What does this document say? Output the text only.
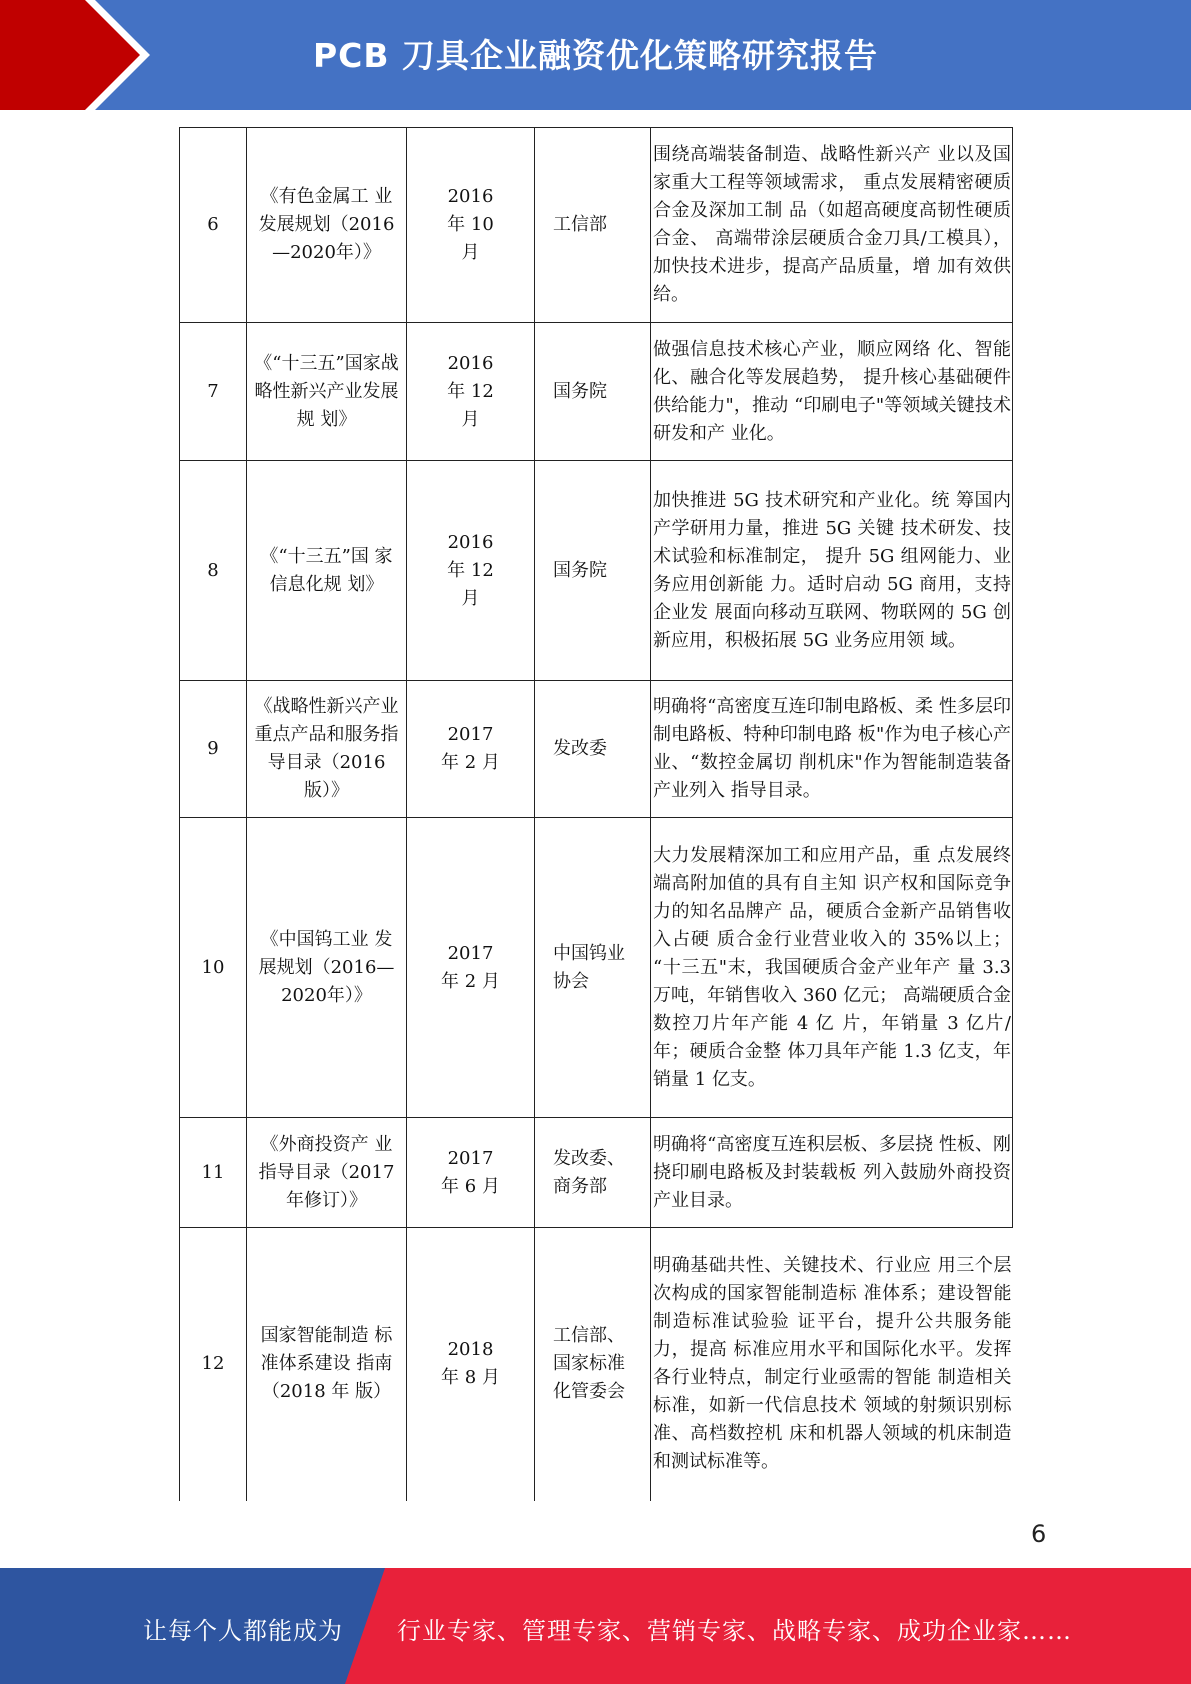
PCB 刀具企业融资优化策略研究报告
6	《有色金属工 业发展规划（2016—2020年）》	2016 年 10 月	工信部	围绕高端装备制造、战略性新兴产 业以及国家重大工程等领域需求， 重点发展精密硬质合金及深加工制 品（如超高硬度高韧性硬质合金、 高端带涂层硬质合金刀具/工模具）， 加快技术进步，提高产品质量，增 加有效供给。
7	《“十三五”国家战略性新兴产业发展规 划》	2016 年 12 月	国务院	做强信息技术核心产业，顺应网络 化、智能化、融合化等发展趋势， 提升核心基础硬件供给能力"，推动 “印刷电子"等领域关键技术研发和产 业化。
8	《“十三五”国 家信息化规 划》	2016 年 12 月	国务院	加快推进 5G 技术研究和产业化。统 筹国内产学研用力量，推进 5G 关键 技术研发、技术试验和标准制定， 提升 5G 组网能力、业务应用创新能 力。适时启动 5G 商用，支持企业发 展面向移动互联网、物联网的 5G 创 新应用，积极拓展 5G 业务应用领 域。
9	《战略性新兴产业重点产品和服务指导目录（2016 版）》	2017 年 2 月	发改委	明确将“高密度互连印制电路板、柔 性多层印制电路板、特种印制电路 板"作为电子核心产业、“数控金属切 削机床"作为智能制造装备产业列入 指导目录。
10	《中国钨工业 发展规划（2016—2020年）》	2017 年 2 月	中国钨业协会	大力发展精深加工和应用产品，重 点发展终端高附加值的具有自主知 识产权和国际竞争力的知名品牌产 品，硬质合金新产品销售收入占硬 质合金行业营业收入的 35%以上； “十三五"末，我国硬质合金产业年产 量 3.3 万吨，年销售收入 360 亿元； 高端硬质合金数控刀片年产能 4 亿 片，年销量 3 亿片/年；硬质合金整 体刀具年产能 1.3 亿支，年销量 1 亿支。
11	《外商投资产 业指导目录（2017 年修订）》	2017 年 6 月	发改委、商务部	明确将“高密度互连积层板、多层挠 性板、刚挠印刷电路板及封装载板 列入鼓励外商投资产业目录。
12	国家智能制造 标准体系建设 指南（2018 年 版）	2018 年 8 月	工信部、国家标准化管委会	明确基础共性、关键技术、行业应 用三个层次构成的国家智能制造标 准体系；建设智能制造标准试验验 证平台，提升公共服务能力，提高 标准应用水平和国际化水平。发挥 各行业特点，制定行业亟需的智能 制造相关标准，如新一代信息技术 领域的射频识别标准、高档数控机 床和机器人领域的机床制造和测试标准等。
6
让每个人都能成为 行业专家、管理专家、营销专家、战略专家、成功企业家……
